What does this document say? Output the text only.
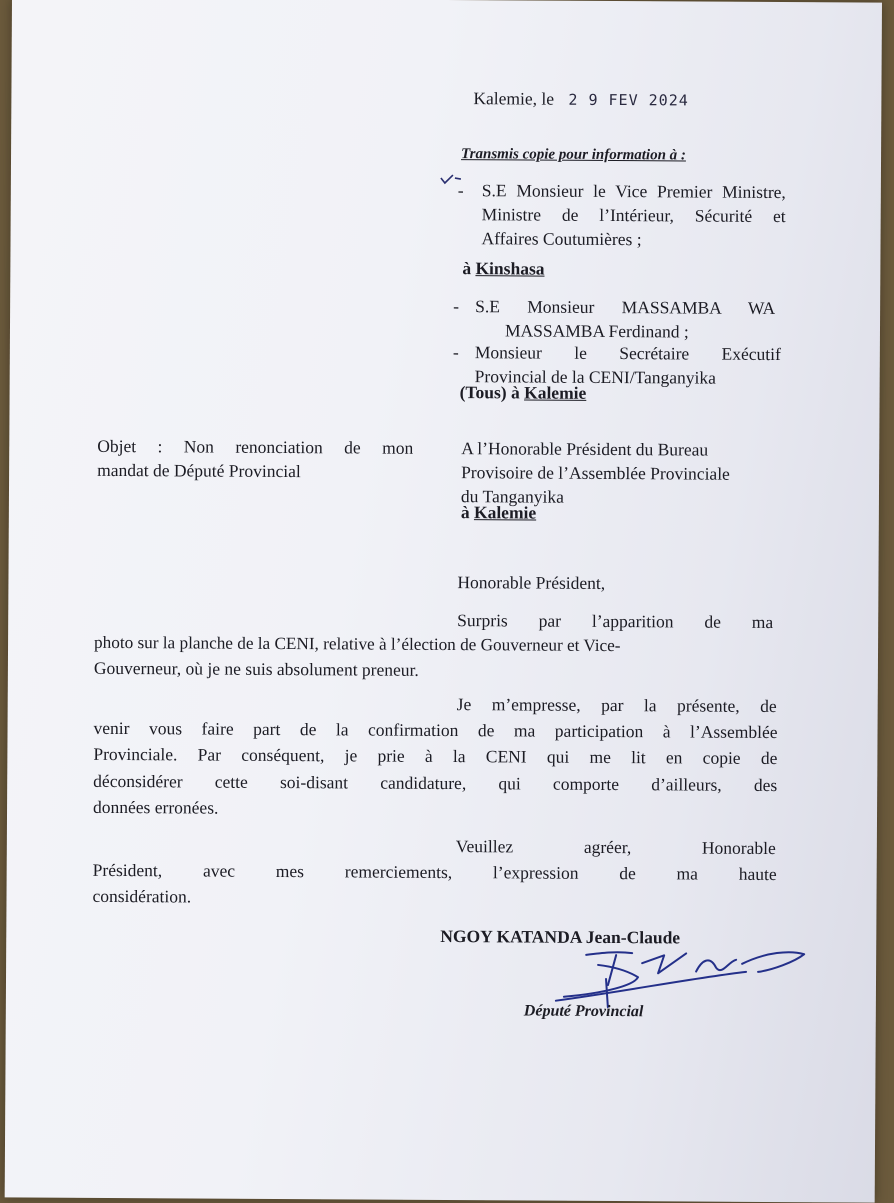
Kalemie, le 2 9 FEV 2024
Transmis copie pour information à :
- S.E Monsieur le Vice Premier Ministre,
Ministre de l’Intérieur, Sécurité et
Affaires Coutumières ;
à Kinshasa
- S.E Monsieur MASSAMBA WA
MASSAMBA Ferdinand ;
- Monsieur le Secrétaire Exécutif
Provincial de la CENI/Tanganyika
(Tous) à Kalemie
Objet : Non renonciation de mon
mandat de Député Provincial
A l’Honorable Président du Bureau
Provisoire de l’Assemblée Provinciale
du Tanganyika
à Kalemie
Honorable Président,
Surpris par l’apparition de ma
photo sur la planche de la CENI, relative à l’élection de Gouverneur et Vice-
Gouverneur, où je ne suis absolument preneur.
Je m’empresse, par la présente, de
venir vous faire part de la confirmation de ma participation à l’Assemblée
Provinciale. Par conséquent, je prie à la CENI qui me lit en copie de
déconsidérer cette soi-disant candidature, qui comporte d’ailleurs, des
données erronées.
Veuillez agréer, Honorable
Président, avec mes remerciements, l’expression de ma haute
considération.
NGOY KATANDA Jean-Claude
Député Provincial
